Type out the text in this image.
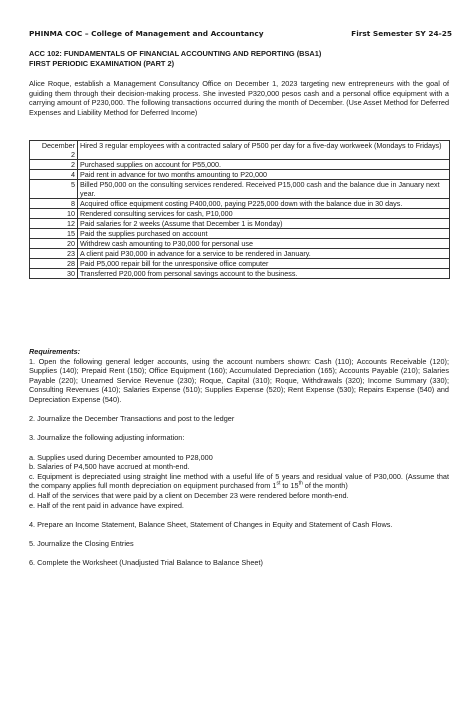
PHINMA COC – College of Management and Accountancy	First Semester SY 24-25
ACC 102: FUNDAMENTALS OF FINANCIAL ACCOUNTING AND REPORTING (BSA1)
FIRST PERIODIC EXAMINATION (PART 2)
Alice Roque, establish a Management Consultancy Office on December 1, 2023 targeting new entrepreneurs with the goal of guiding them through their decision-making process. She invested P320,000 pesos cash and a personal office equipment with a carrying amount of P230,000. The following transactions occurred during the month of December. (Use Asset Method for Deferred Expenses and Liability Method for Deferred Income)
December
2	Hired 3 regular employees with a contracted salary of P500 per day for a five-day workweek (Mondays to Fridays)

2	Purchased supplies on account for P55,000.

4	Paid rent in advance for two months amounting to P20,000

5	Billed P50,000 on the consulting services rendered. Received P15,000 cash and the balance due in January next year.

8	Acquired office equipment costing P400,000, paying P225,000 down with the balance due in 30 days.

10	Rendered consulting services for cash, P10,000

12	Paid salaries for 2 weeks (Assume that December 1 is Monday)

15	Paid the supplies purchased on account

20	Withdrew cash amounting to P30,000 for personal use

23	A client paid P30,000 in advance for a service to be rendered in January.

28	Paid P5,000 repair bill for the unresponsive office computer

30	Transferred P20,000 from personal savings account to the business.

Requirements:

1. Open the following general ledger accounts, using the account numbers shown: Cash (110); Accounts Receivable (120); Supplies (140); Prepaid Rent (150); Office Equipment (160); Accumulated Depreciation (165); Accounts Payable (210); Salaries Payable (220); Unearned Service Revenue (230); Roque, Capital (310); Roque, Withdrawals (320); Income Summary (330); Consulting Revenues (410); Salaries Expense (510); Supplies Expense (520); Rent Expense (530); Repairs Expense (540) and Depreciation Expense (540).

2. Journalize the December Transactions and post to the ledger

3. Journalize the following adjusting information:

a. Supplies used during December amounted to P28,000

b. Salaries of P4,500 have accrued at month-end.

c. Equipment is depreciated using straight line method with a useful life of 5 years and residual value of P30,000. (Assume that the company applies full month depreciation on equipment purchased from 1st to 15th of the month)

d. Half of the services that were paid by a client on December 23 were rendered before month-end.

e. Half of the rent paid in advance have expired.

4. Prepare an Income Statement, Balance Sheet, Statement of Changes in Equity and Statement of Cash Flows.

5. Journalize the Closing Entries

6. Complete the Worksheet (Unadjusted Trial Balance to Balance Sheet)
